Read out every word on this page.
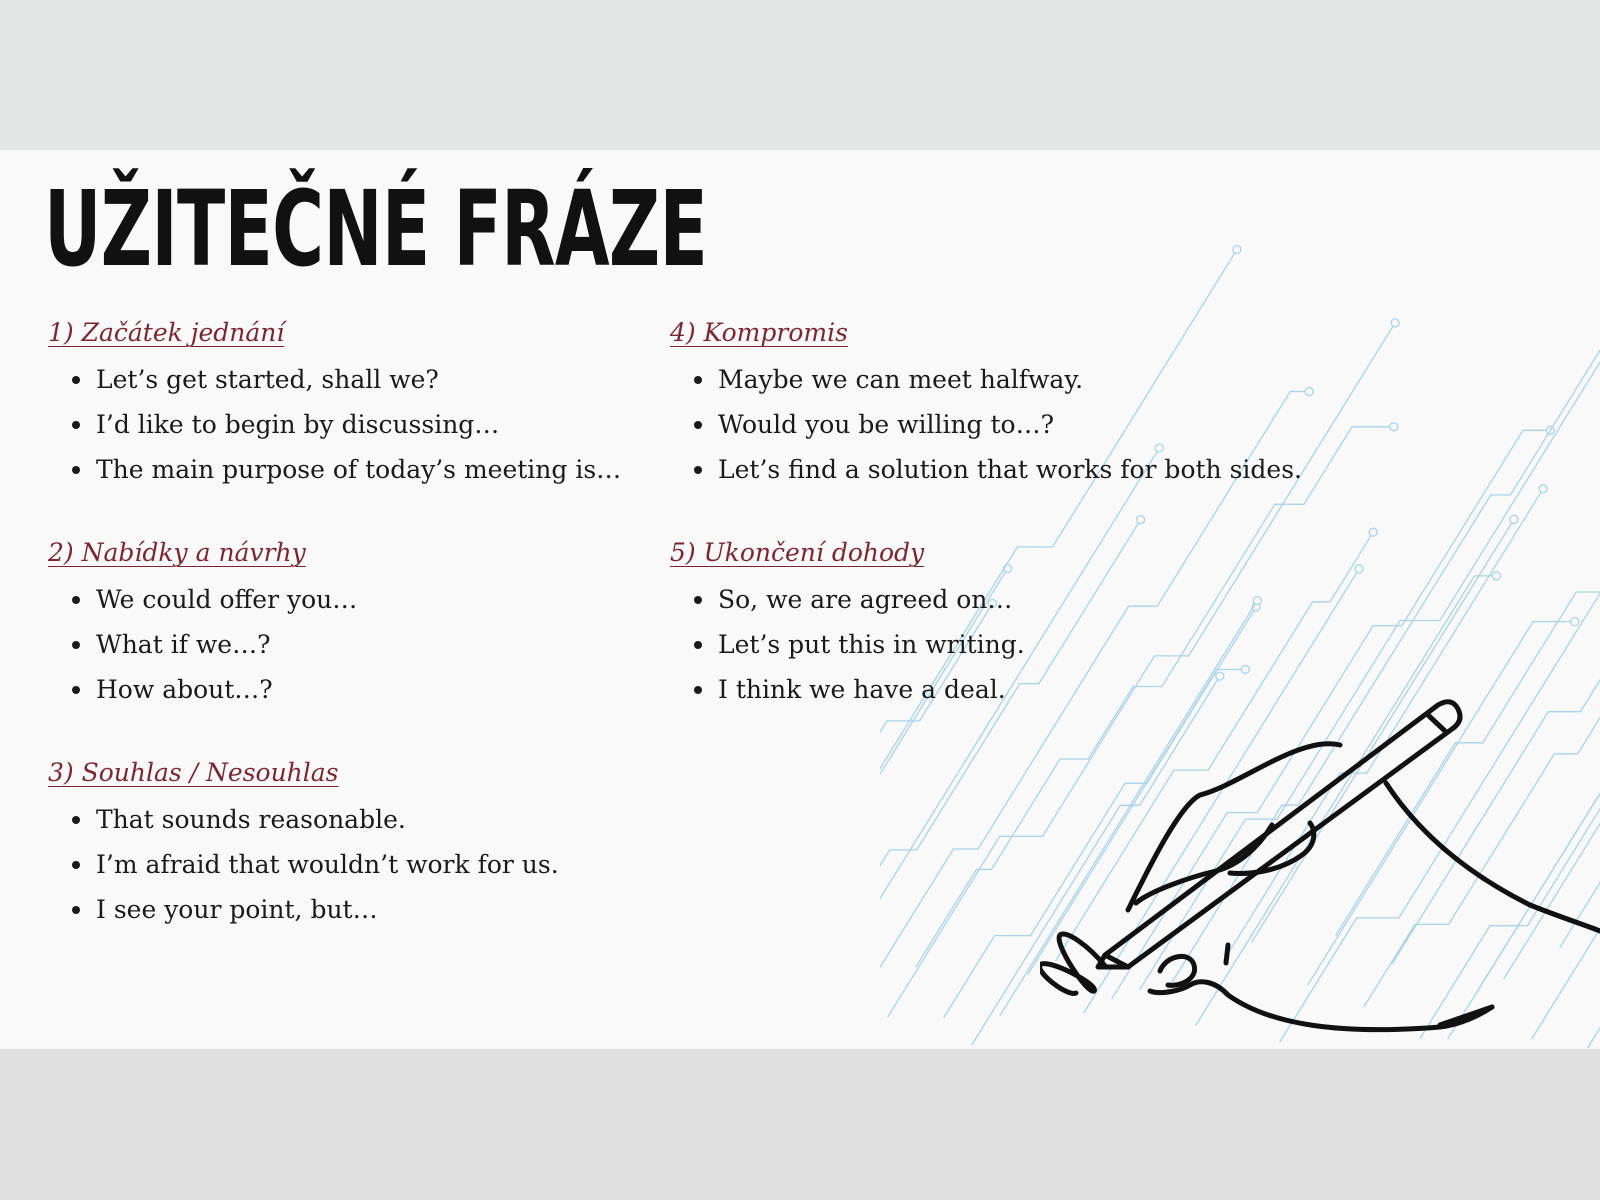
UŽITEČNÉ FRÁZE
1) Začátek jednání
Let’s get started, shall we?
I’d like to begin by discussing…
The main purpose of today’s meeting is…
2) Nabídky a návrhy
We could offer you…
What if we…?
How about…?
3) Souhlas / Nesouhlas
That sounds reasonable.
I’m afraid that wouldn’t work for us.
I see your point, but…
4) Kompromis
Maybe we can meet halfway.
Would you be willing to…?
Let’s find a solution that works for both sides.
5) Ukončení dohody
So, we are agreed on…
Let’s put this in writing.
I think we have a deal.
